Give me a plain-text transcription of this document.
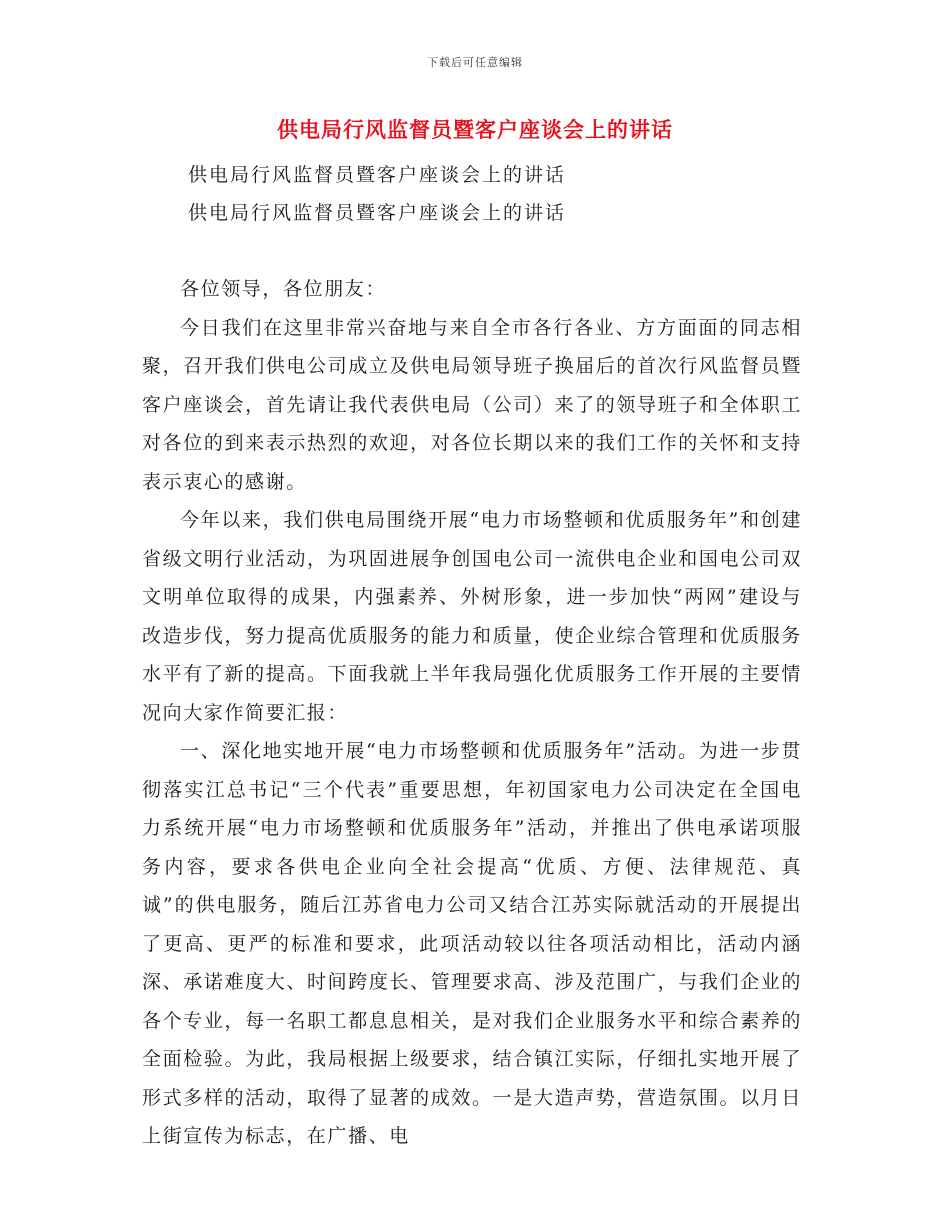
下载后可任意编辑
供电局行风监督员暨客户座谈会上的讲话
供电局行风监督员暨客户座谈会上的讲话
供电局行风监督员暨客户座谈会上的讲话

各位领导，各位朋友：

今日我们在这里非常兴奋地与来自全市各行各业、方方面面的同志相聚，召开我们供电公司成立及供电局领导班子换届后的首次行风监督员暨客户座谈会，首先请让我代表供电局（公司）来了的领导班子和全体职工对各位的到来表示热烈的欢迎，对各位长期以来的我们工作的关怀和支持表示衷心的感谢。

今年以来，我们供电局围绕开展“电力市场整顿和优质服务年”和创建省级文明行业活动，为巩固进展争创国电公司一流供电企业和国电公司双文明单位取得的成果，内强素养、外树形象，进一步加快“两网”建设与改造步伐，努力提高优质服务的能力和质量，使企业综合管理和优质服务水平有了新的提高。下面我就上半年我局强化优质服务工作开展的主要情况向大家作简要汇报：

一、深化地实地开展“电力市场整顿和优质服务年”活动。为进一步贯彻落实江总书记“三个代表”重要思想，年初国家电力公司决定在全国电力系统开展“电力市场整顿和优质服务年”活动，并推出了供电承诺项服务内容，要求各供电企业向全社会提高“优质、方便、法律规范、真诚”的供电服务，随后江苏省电力公司又结合江苏实际就活动的开展提出了更高、更严的标准和要求，此项活动较以往各项活动相比，活动内涵深、承诺难度大、时间跨度长、管理要求高、涉及范围广，与我们企业的各个专业，每一名职工都息息相关，是对我们企业服务水平和综合素养的全面检验。为此，我局根据上级要求，结合镇江实际，仔细扎实地开展了形式多样的活动，取得了显著的成效。一是大造声势，营造氛围。以月日上街宣传为标志，在广播、电
